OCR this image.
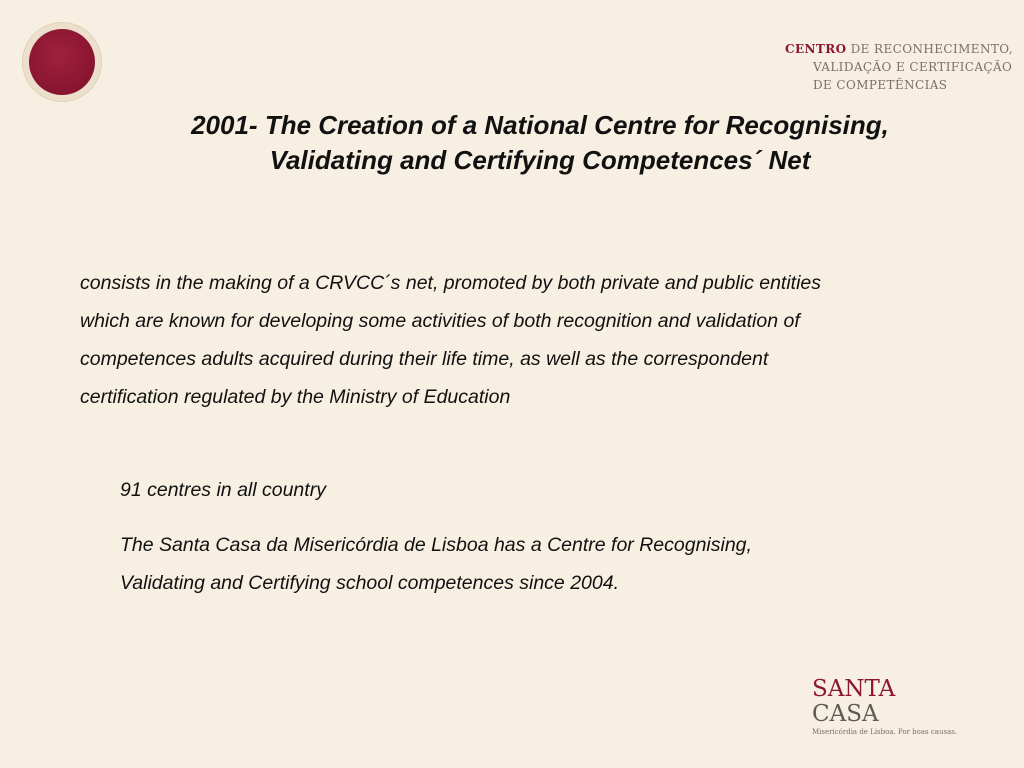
CENTRO DE RECONHECIMENTO,
VALIDAÇÃO E CERTIFICAÇÃO
DE COMPETÊNCIAS
2001- The Creation of a National Centre for Recognising,
Validating and Certifying Competences´ Net
consists in the making of a CRVCC´s net, promoted by both private and public entities
which are known for developing some activities of both recognition and validation of
competences adults acquired during their life time, as well as the correspondent
certification regulated by the Ministry of Education
91 centres in all country
The Santa Casa da Misericórdia de Lisboa has a Centre for Recognising,
Validating and Certifying school competences since 2004.
SANTA
CASA
Misericórdia de Lisboa. Por boas causas.
